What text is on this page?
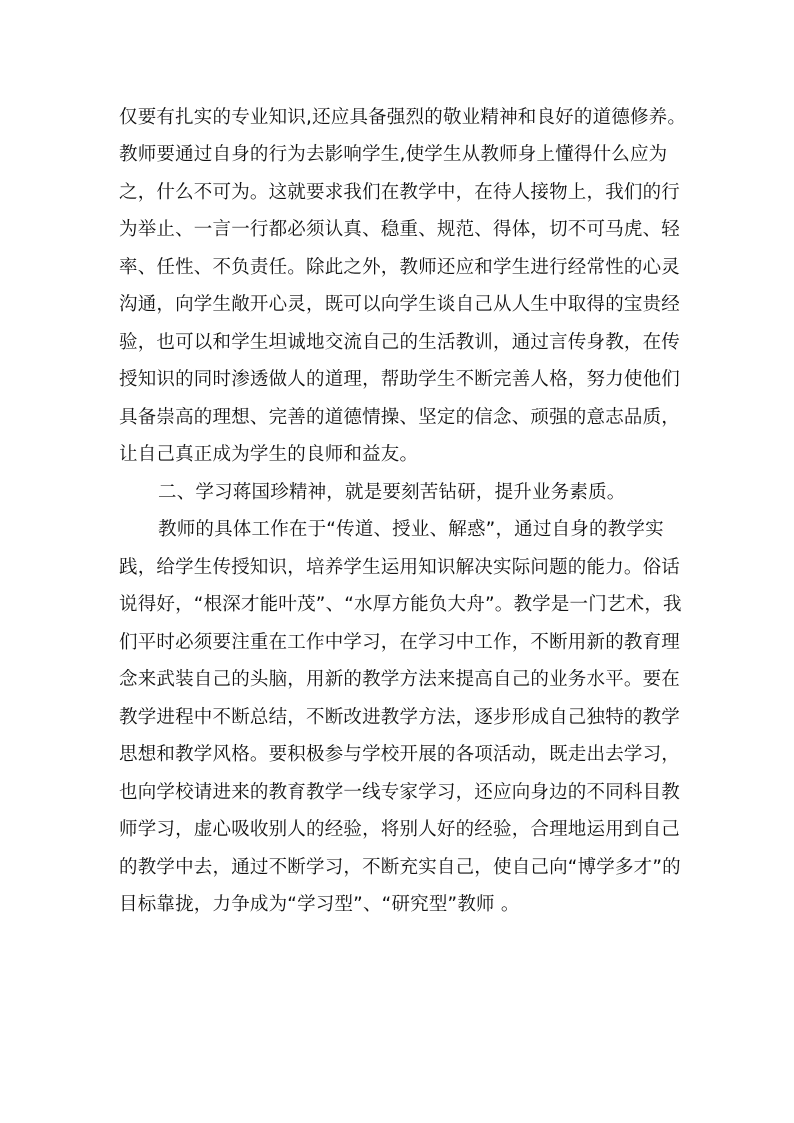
仅要有扎实的专业知识,还应具备强烈的敬业精神和良好的道德修养。
教师要通过自身的行为去影响学生,使学生从教师身上懂得什么应为
之，什么不可为。这就要求我们在教学中，在待人接物上，我们的行
为举止、一言一行都必须认真、稳重、规范、得体，切不可马虎、轻
率、任性、不负责任。除此之外，教师还应和学生进行经常性的心灵
沟通，向学生敞开心灵，既可以向学生谈自己从人生中取得的宝贵经
验，也可以和学生坦诚地交流自己的生活教训，通过言传身教，在传
授知识的同时渗透做人的道理，帮助学生不断完善人格，努力使他们
具备崇高的理想、完善的道德情操、坚定的信念、顽强的意志品质，
让自己真正成为学生的良师和益友。
二、学习蒋国珍精神，就是要刻苦钻研，提升业务素质。
教师的具体工作在于“传道、授业、解惑”，通过自身的教学实
践，给学生传授知识，培养学生运用知识解决实际问题的能力。俗话
说得好，“根深才能叶茂”、“水厚方能负大舟”。教学是一门艺术，我
们平时必须要注重在工作中学习，在学习中工作，不断用新的教育理
念来武装自己的头脑，用新的教学方法来提高自己的业务水平。要在
教学进程中不断总结，不断改进教学方法，逐步形成自己独特的教学
思想和教学风格。要积极参与学校开展的各项活动，既走出去学习，
也向学校请进来的教育教学一线专家学习，还应向身边的不同科目教
师学习，虚心吸收别人的经验，将别人好的经验，合理地运用到自己
的教学中去，通过不断学习，不断充实自己，使自己向“博学多才”的
目标靠拢，力争成为“学习型”、“研究型”教师 。
